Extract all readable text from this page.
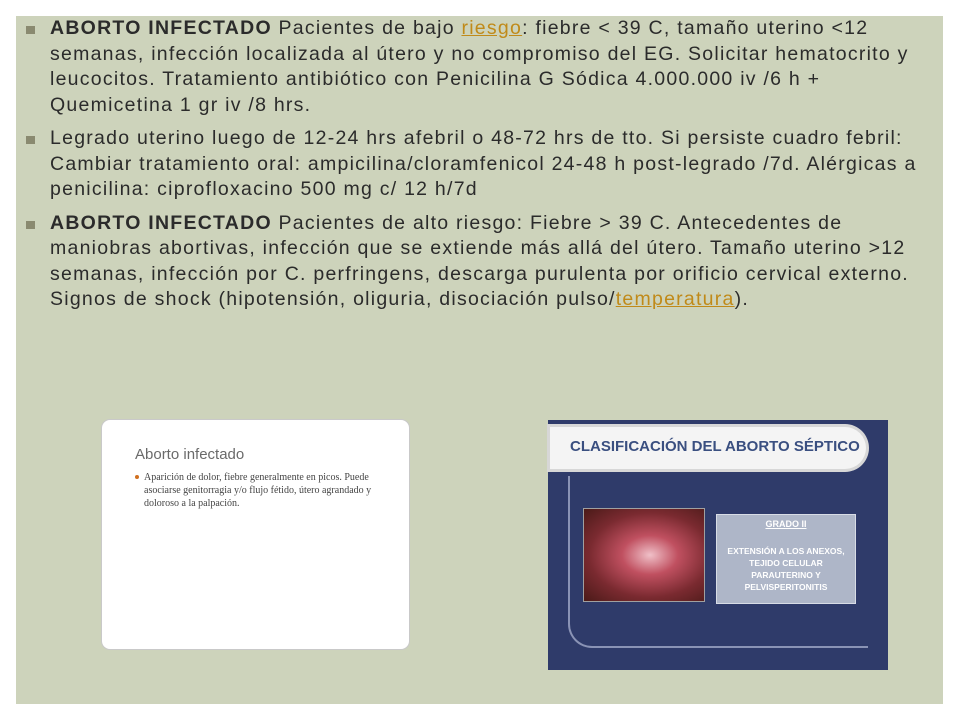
ABORTO INFECTADO Pacientes de bajo riesgo: fiebre < 39 C, tamaño uterino <12 semanas, infección localizada al útero y no compromiso del EG. Solicitar hematocrito y leucocitos. Tratamiento antibiótico con Penicilina G Sódica 4.000.000 iv /6 h + Quemicetina 1 gr iv /8 hrs.
Legrado uterino luego de 12-24 hrs afebril o 48-72 hrs de tto. Si persiste cuadro febril: Cambiar tratamiento oral: ampicilina/cloramfenicol 24-48 h post-legrado /7d. Alérgicas a penicilina: ciprofloxacino 500 mg c/ 12 h/7d
ABORTO INFECTADO Pacientes de alto riesgo: Fiebre > 39 C. Antecedentes de maniobras abortivas, infección que se extiende más allá del útero. Tamaño uterino >12 semanas, infección por C. perfringens, descarga purulenta por orificio cervical externo. Signos de shock (hipotensión, oliguria, disociación pulso/temperatura).
Aborto infectado
Aparición de dolor, fiebre generalmente en picos. Puede asociarse genitorragia y/o flujo fétido, útero agrandado y doloroso a la palpación.
CLASIFICACIÓN DEL ABORTO SÉPTICO
GRADO II
EXTENSIÓN A LOS ANEXOS, TEJIDO CELULAR PARAUTERINO Y PELVISPERITONITIS
